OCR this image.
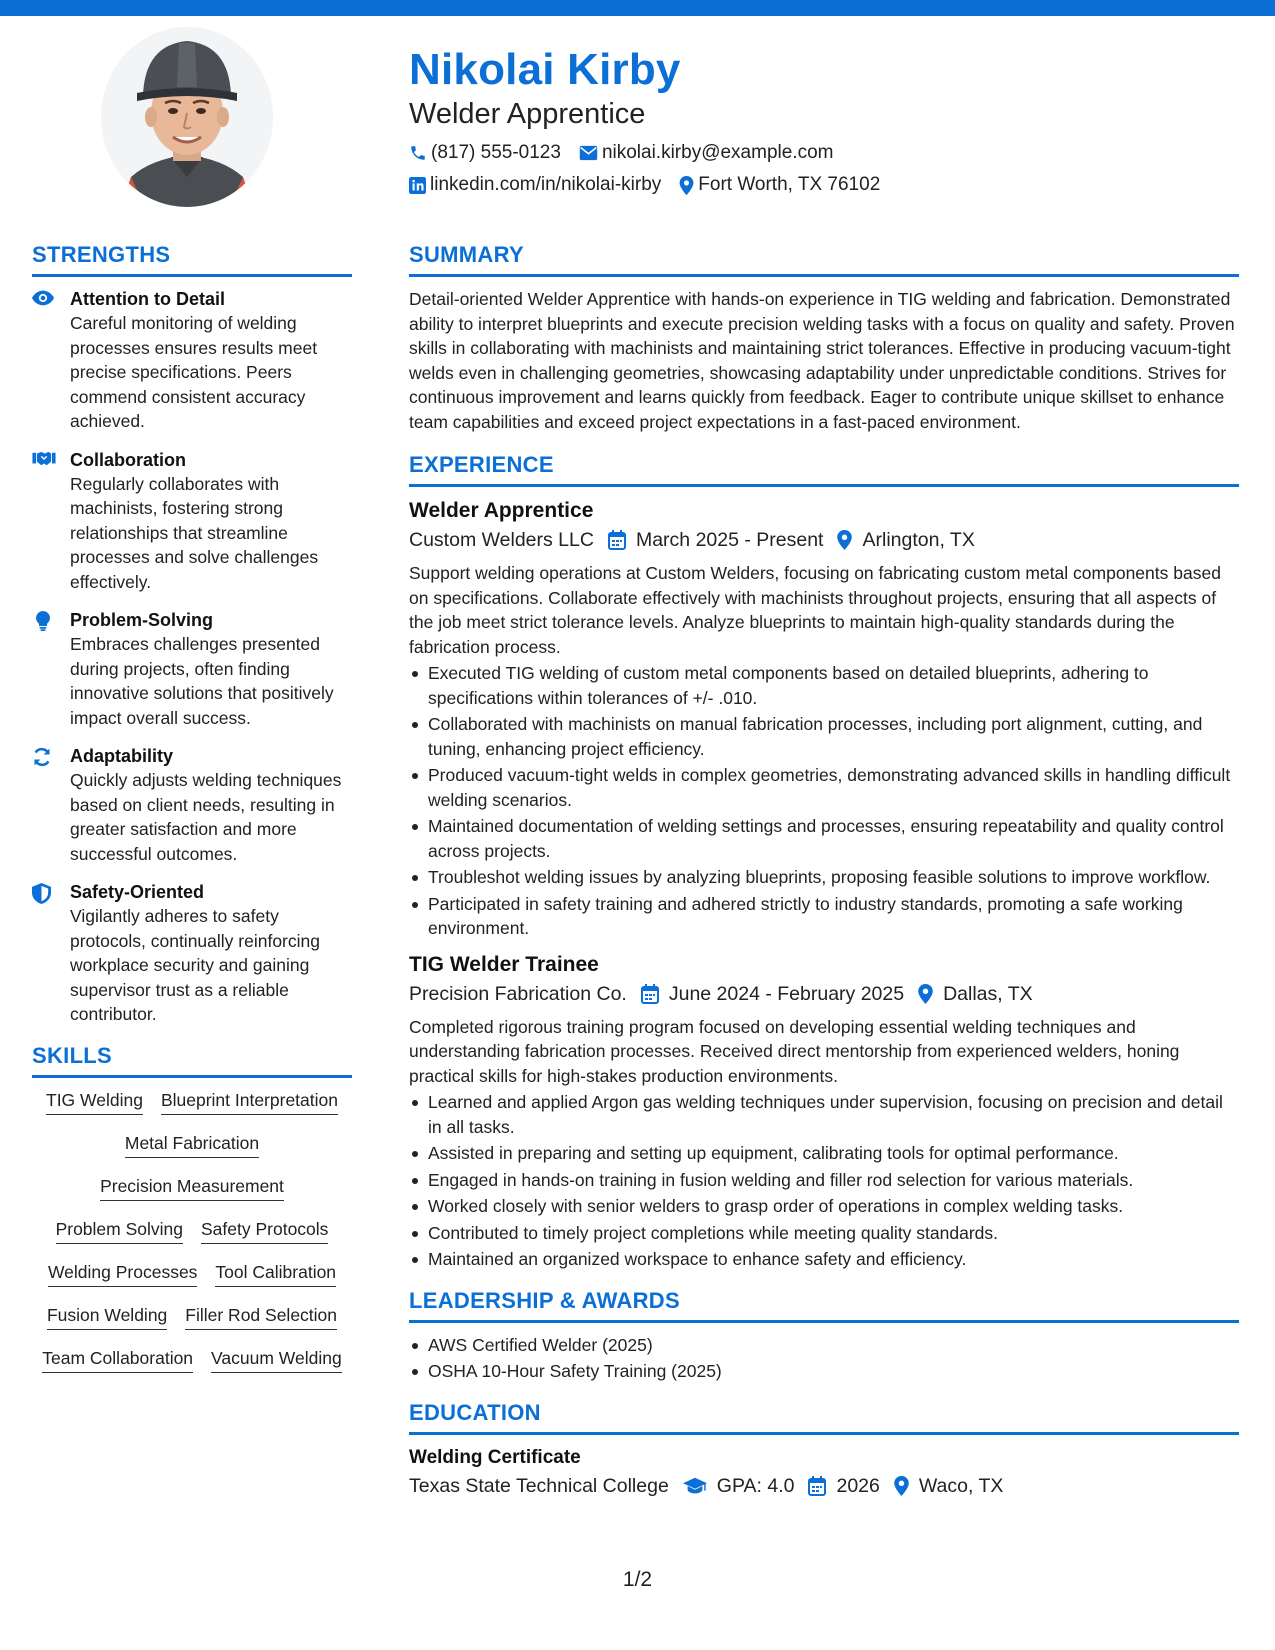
Nikolai Kirby
Welder Apprentice
(817) 555-0123 nikolai.kirby@example.com
linkedin.com/in/nikolai-kirby Fort Worth, TX 76102
STRENGTHS
Attention to Detail
Careful monitoring of welding processes ensures results meet precise specifications. Peers commend consistent accuracy achieved.
Collaboration
Regularly collaborates with machinists, fostering strong relationships that streamline processes and solve challenges effectively.
Problem-Solving
Embraces challenges presented during projects, often finding innovative solutions that positively impact overall success.
Adaptability
Quickly adjusts welding techniques based on client needs, resulting in greater satisfaction and more successful outcomes.
Safety-Oriented
Vigilantly adheres to safety protocols, continually reinforcing workplace security and gaining supervisor trust as a reliable contributor.
SKILLS
TIG Welding Blueprint Interpretation
Metal Fabrication
Precision Measurement
Problem Solving Safety Protocols
Welding Processes Tool Calibration
Fusion Welding Filler Rod Selection
Team Collaboration Vacuum Welding
SUMMARY
Detail-oriented Welder Apprentice with hands-on experience in TIG welding and fabrication. Demonstrated ability to interpret blueprints and execute precision welding tasks with a focus on quality and safety. Proven skills in collaborating with machinists and maintaining strict tolerances. Effective in producing vacuum-tight welds even in challenging geometries, showcasing adaptability under unpredictable conditions. Strives for continuous improvement and learns quickly from feedback. Eager to contribute unique skillset to enhance team capabilities and exceed project expectations in a fast-paced environment.
EXPERIENCE
Welder Apprentice
Custom Welders LLC March 2025 - Present Arlington, TX
Support welding operations at Custom Welders, focusing on fabricating custom metal components based on specifications. Collaborate effectively with machinists throughout projects, ensuring that all aspects of the job meet strict tolerance levels. Analyze blueprints to maintain high-quality standards during the fabrication process.
Executed TIG welding of custom metal components based on detailed blueprints, adhering to specifications within tolerances of +/- .010.
Collaborated with machinists on manual fabrication processes, including port alignment, cutting, and tuning, enhancing project efficiency.
Produced vacuum-tight welds in complex geometries, demonstrating advanced skills in handling difficult welding scenarios.
Maintained documentation of welding settings and processes, ensuring repeatability and quality control across projects.
Troubleshot welding issues by analyzing blueprints, proposing feasible solutions to improve workflow.
Participated in safety training and adhered strictly to industry standards, promoting a safe working environment.
TIG Welder Trainee
Precision Fabrication Co. June 2024 - February 2025 Dallas, TX
Completed rigorous training program focused on developing essential welding techniques and understanding fabrication processes. Received direct mentorship from experienced welders, honing practical skills for high-stakes production environments.
Learned and applied Argon gas welding techniques under supervision, focusing on precision and detail in all tasks.
Assisted in preparing and setting up equipment, calibrating tools for optimal performance.
Engaged in hands-on training in fusion welding and filler rod selection for various materials.
Worked closely with senior welders to grasp order of operations in complex welding tasks.
Contributed to timely project completions while meeting quality standards.
Maintained an organized workspace to enhance safety and efficiency.
LEADERSHIP & AWARDS
AWS Certified Welder (2025)
OSHA 10-Hour Safety Training (2025)
EDUCATION
Welding Certificate
Texas State Technical College GPA: 4.0 2026 Waco, TX
1/2
